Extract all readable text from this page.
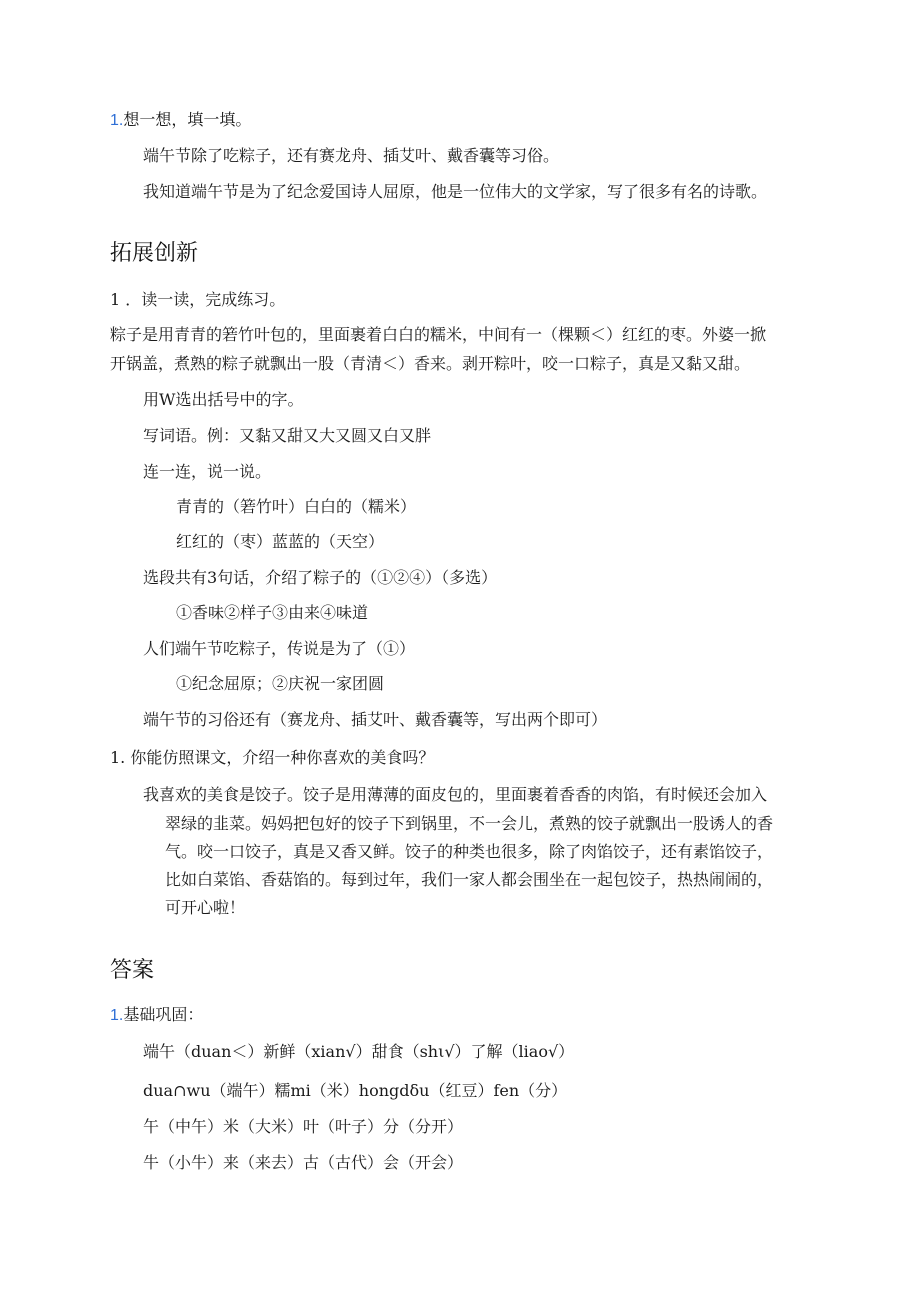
1.想一想，填一填。
端午节除了吃粽子，还有赛龙舟、插艾叶、戴香囊等习俗。
我知道端午节是为了纪念爱国诗人屈原，他是一位伟大的文学家，写了很多有名的诗歌。
拓展创新
1 ．读一读，完成练习。
粽子是用青青的箬竹叶包的，里面裹着白白的糯米，中间有一（棵颗＜）红红的枣。外婆一掀
开锅盖，煮熟的粽子就飘出一股（青清＜）香来。剥开粽叶，咬一口粽子，真是又黏又甜。
用W选出括号中的字。
写词语。例：又黏又甜又大又圆又白又胖
连一连，说一说。
青青的（箬竹叶）白白的（糯米）
红红的（枣）蓝蓝的（天空）
选段共有3句话，介绍了粽子的（①②④）（多选）
①香味②样子③由来④味道
人们端午节吃粽子，传说是为了（①）
①纪念屈原；②庆祝一家团圆
端午节的习俗还有（赛龙舟、插艾叶、戴香囊等，写出两个即可）
1. 你能仿照课文，介绍一种你喜欢的美食吗？
我喜欢的美食是饺子。饺子是用薄薄的面皮包的，里面裹着香香的肉馅，有时候还会加入
翠绿的韭菜。妈妈把包好的饺子下到锅里，不一会儿，煮熟的饺子就飘出一股诱人的香
气。咬一口饺子，真是又香又鲜。饺子的种类也很多，除了肉馅饺子，还有素馅饺子，
比如白菜馅、香菇馅的。每到过年，我们一家人都会围坐在一起包饺子，热热闹闹的，
可开心啦！
答案
1.基础巩固：
端午（duan＜）新鲜（xian√）甜食（shι√）了解（liao√）
dua∩wu（端午）糯mi（米）hongdδu（红豆）fen（分）
午（中午）米（大米）叶（叶子）分（分开）
牛（小牛）来（来去）古（古代）会（开会）
